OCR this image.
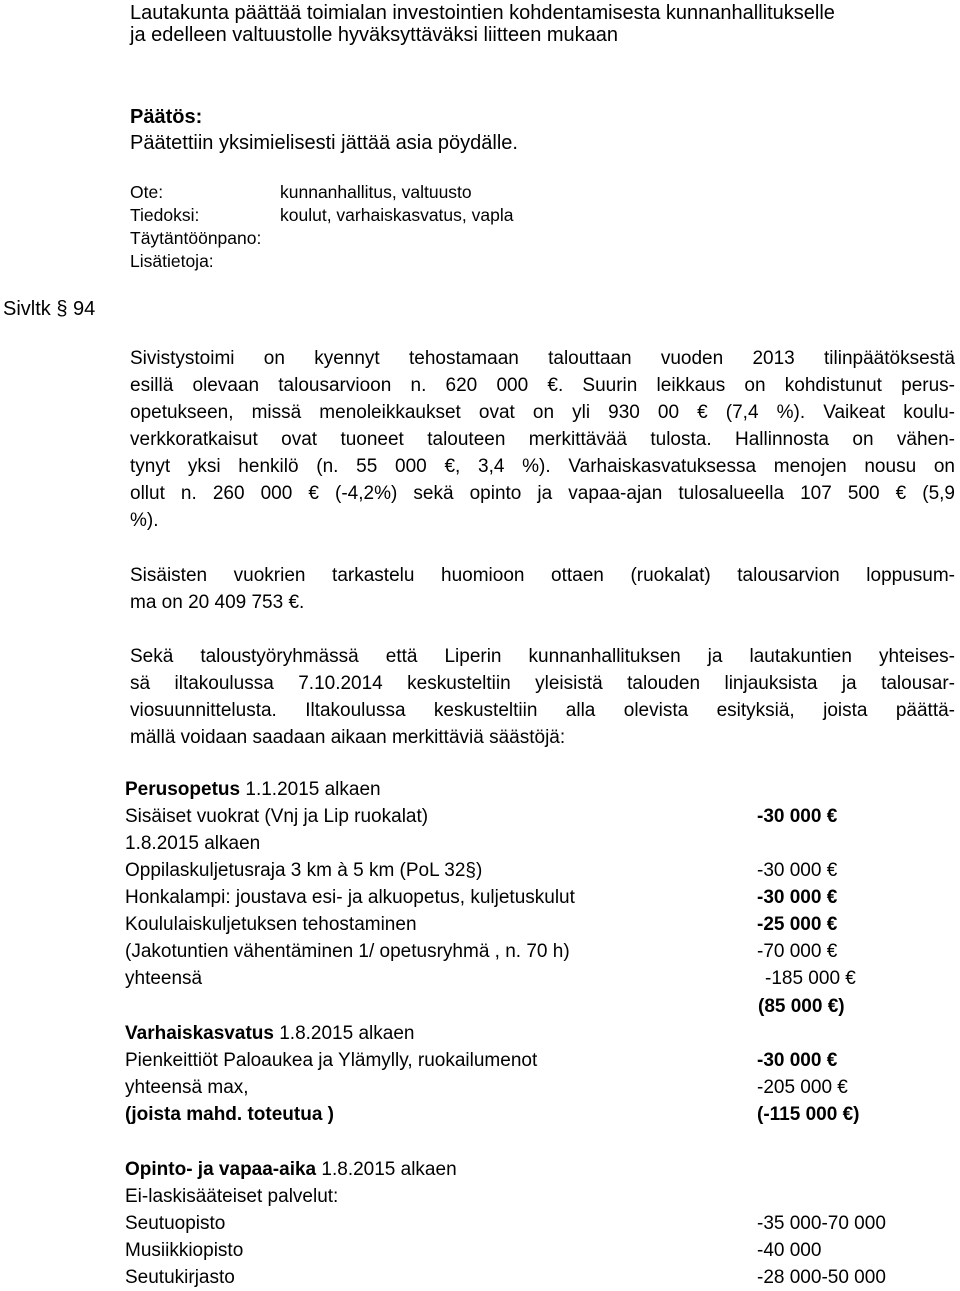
Lautakunta päättää toimialan investointien kohdentamisesta kunnanhallitukselle
ja edelleen valtuustolle hyväksyttäväksi liitteen mukaan
Päätös:
Päätettiin yksimielisesti jättää asia pöydälle.
Ote:	kunnanhallitus, valtuusto
Tiedoksi:	koulut, varhaiskasvatus, vapla
Täytäntöönpano:
Lisätietoja:
Sivltk § 94
Sivistystoimi on kyennyt tehostamaan talouttaan vuoden 2013 tilinpäätöksestä
esillä olevaan talousarvioon n. 620 000 €. Suurin leikkaus on kohdistunut perus-
opetukseen, missä menoleikkaukset ovat on yli 930 00 € (7,4 %). Vaikeat koulu-
verkkoratkaisut ovat tuoneet talouteen merkittävää tulosta. Hallinnosta on vähen-
tynyt yksi henkilö (n. 55 000 €, 3,4 %). Varhaiskasvatuksessa menojen nousu on
ollut n. 260 000 € (-4,2%) sekä opinto ja vapaa-ajan tulosalueella 107 500 € (5,9
%).
Sisäisten vuokrien tarkastelu huomioon ottaen (ruokalat) talousarvion loppusum-
ma on 20 409 753 €.
Sekä taloustyöryhmässä että Liperin kunnanhallituksen ja lautakuntien yhteises-
sä iltakoulussa 7.10.2014 keskusteltiin yleisistä talouden linjauksista ja talousar-
viosuunnittelusta. Iltakoulussa keskusteltiin alla olevista esityksiä, joista päättä-
mällä voidaan saadaan aikaan merkittäviä säästöjä:
Perusopetus 1.1.2015 alkaen
Sisäiset vuokrat (Vnj ja Lip ruokalat)	-30 000 €
1.8.2015 alkaen
Oppilaskuljetusraja 3 km à 5 km (PoL 32§)	-30 000 €
Honkalampi: joustava esi- ja alkuopetus, kuljetuskulut	-30 000 €
Koululaiskuljetuksen tehostaminen	-25 000 €
(Jakotuntien vähentäminen 1/ opetusryhmä , n. 70 h)	-70 000 €
yhteensä	-185 000 €
(85 000 €)
Varhaiskasvatus 1.8.2015 alkaen
Pienkeittiöt Paloaukea ja Ylämylly, ruokailumenot	-30 000 €
yhteensä max,	-205 000 €
(joista mahd. toteutua )	(-115 000 €)
Opinto- ja vapaa-aika 1.8.2015 alkaen
Ei-laskisääteiset palvelut:
Seutuopisto	-35 000-70 000
Musiikkiopisto	-40 000
Seutukirjasto	-28 000-50 000
